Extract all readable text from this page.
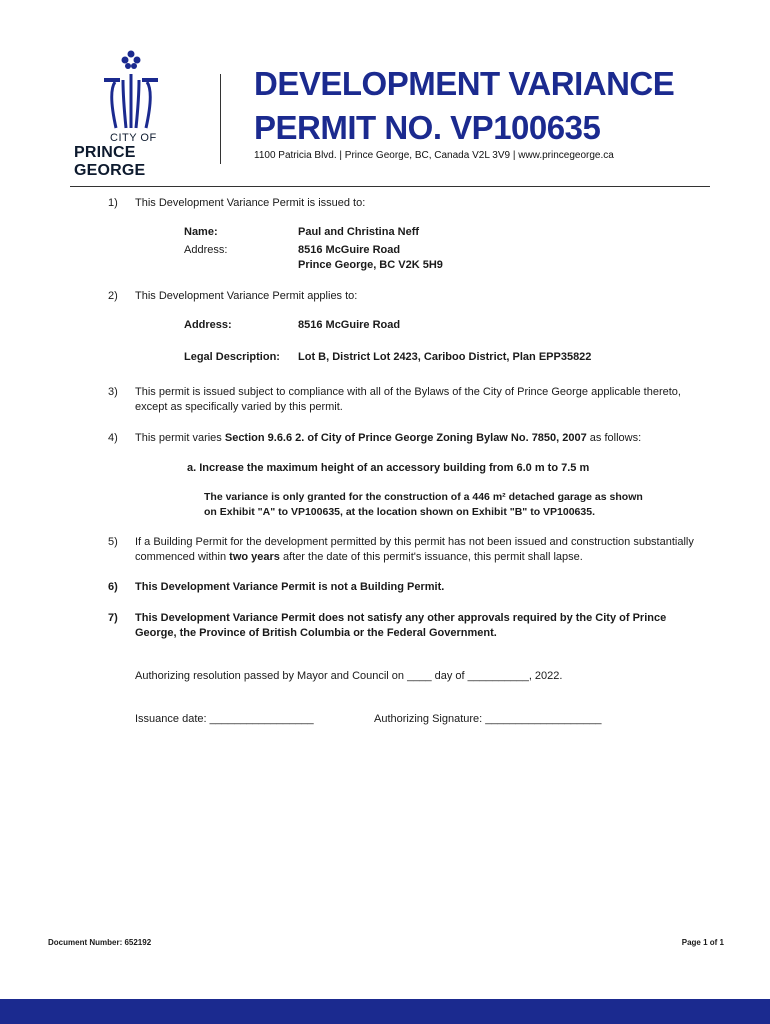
CITY OF
PRINCE GEORGE
DEVELOPMENT VARIANCE
PERMIT NO. VP100635
1100 Patricia Blvd. | Prince George, BC, Canada V2L 3V9 | www.princegeorge.ca
1) This Development Variance Permit is issued to:
Name:	Paul and Christina Neff
Address:	8516 McGuire Road
Prince George, BC V2K 5H9
2) This Development Variance Permit applies to:
Address:	8516 McGuire Road
Legal Description: Lot B, District Lot 2423, Cariboo District, Plan EPP35822
3) This permit is issued subject to compliance with all of the Bylaws of the City of Prince George applicable thereto, except as specifically varied by this permit.
4) This permit varies Section 9.6.6 2. of City of Prince George Zoning Bylaw No. 7850, 2007 as follows:
a. Increase the maximum height of an accessory building from 6.0 m to 7.5 m
The variance is only granted for the construction of a 446 m² detached garage as shown
on Exhibit "A" to VP100635, at the location shown on Exhibit "B" to VP100635.
5) If a Building Permit for the development permitted by this permit has not been issued and construction substantially commenced within two years after the date of this permit's issuance, this permit shall lapse.
6) This Development Variance Permit is not a Building Permit.
7) This Development Variance Permit does not satisfy any other approvals required by the City of Prince George, the Province of British Columbia or the Federal Government.
Authorizing resolution passed by Mayor and Council on ____ day of __________, 2022.
Issuance date: _________________	Authorizing Signature: ___________________
Document Number: 652192	Page 1 of 1
